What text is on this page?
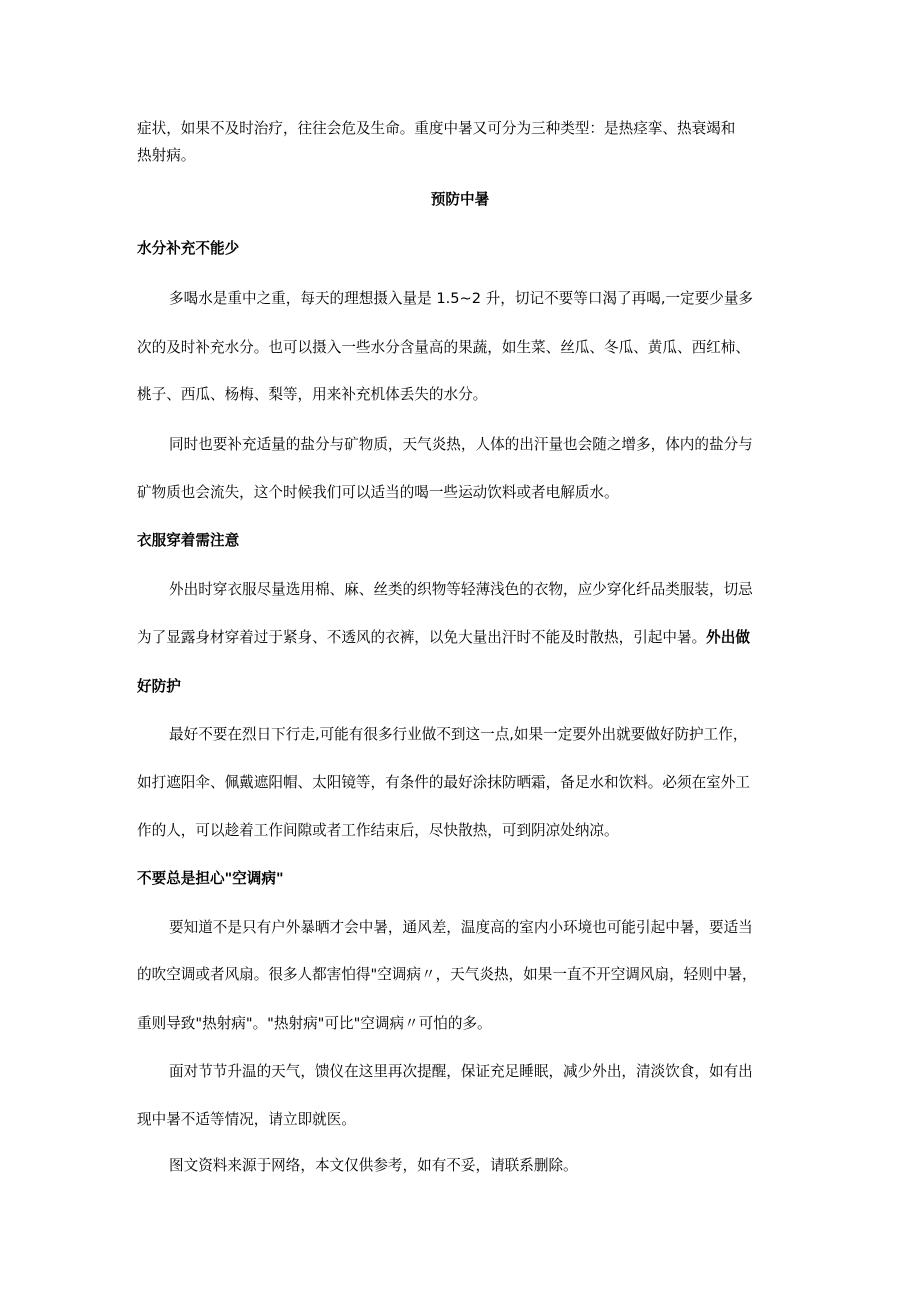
症状，如果不及时治疗，往往会危及生命。重度中暑又可分为三种类型：是热痉挛、热衰竭和
热射病。
预防中暑
水分补充不能少
多喝水是重中之重，每天的理想摄入量是 1.5~2 升，切记不要等口渴了再喝,一定要少量多
次的及时补充水分。也可以摄入一些水分含量高的果蔬，如生菜、丝瓜、冬瓜、黄瓜、西红柿、
桃子、西瓜、杨梅、梨等，用来补充机体丢失的水分。
同时也要补充适量的盐分与矿物质，天气炎热，人体的出汗量也会随之增多，体内的盐分与
矿物质也会流失，这个时候我们可以适当的喝一些运动饮料或者电解质水。
衣服穿着需注意
外出时穿衣服尽量选用棉、麻、丝类的织物等轻薄浅色的衣物，应少穿化纤品类服装，切忌
为了显露身材穿着过于紧身、不透风的衣裤，以免大量出汗时不能及时散热，引起中暑。外出做
好防护
最好不要在烈日下行走,可能有很多行业做不到这一点,如果一定要外出就要做好防护工作，
如打遮阳伞、佩戴遮阳帽、太阳镜等，有条件的最好涂抹防晒霜，备足水和饮料。必须在室外工
作的人，可以趁着工作间隙或者工作结束后，尽快散热，可到阴凉处纳凉。
不要总是担心"空调病"
要知道不是只有户外暴晒才会中暑，通风差，温度高的室内小环境也可能引起中暑，要适当
的吹空调或者风扇。很多人都害怕得"空调病〃，天气炎热，如果一直不开空调风扇，轻则中暑，
重则导致"热射病"。"热射病"可比"空调病〃可怕的多。
面对节节升温的天气，馈仪在这里再次提醒，保证充足睡眠，减少外出，清淡饮食，如有出
现中暑不适等情况，请立即就医。
图文资料来源于网络，本文仅供参考，如有不妥，请联系删除。
